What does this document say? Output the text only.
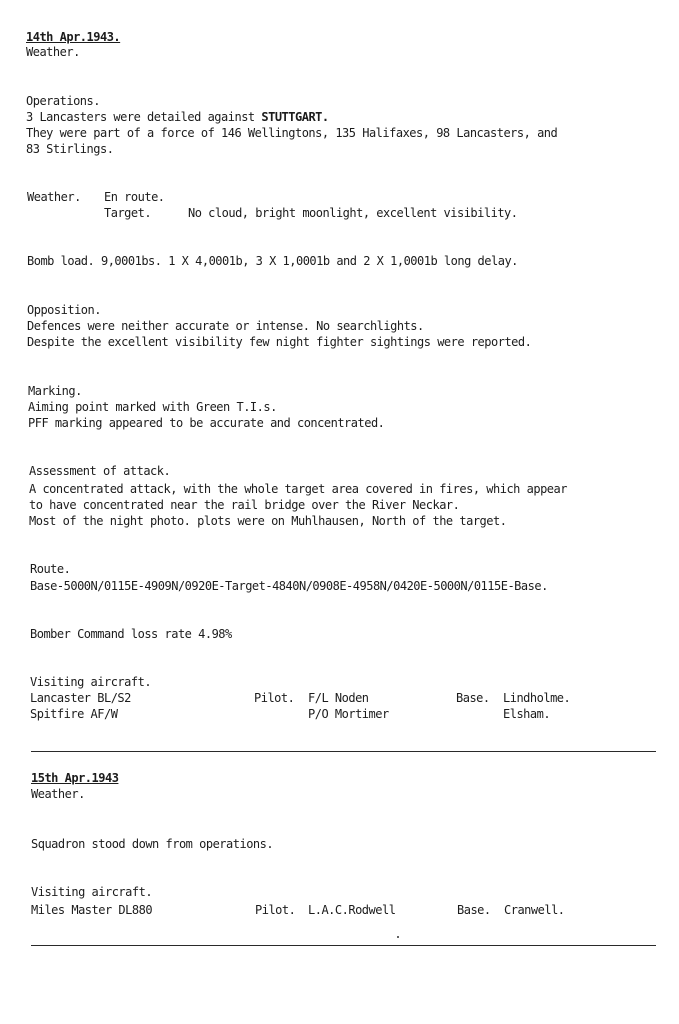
14th Apr.1943.
Weather.
Operations.
3 Lancasters were detailed against STUTTGART.
They were part of a force of 146 Wellingtons, 135 Halifaxes, 98 Lancasters, and
83 Stirlings.
Weather. En route.
Target.	No cloud, bright moonlight, excellent visibility.
Bomb load. 9,0001bs. 1 X 4,0001b, 3 X 1,0001b and 2 X 1,0001b long delay.
Opposition.
Defences were neither accurate or intense. No searchlights.
Despite the excellent visibility few night fighter sightings were reported.
Marking.
Aiming point marked with Green T.I.s.
PFF marking appeared to be accurate and concentrated.
Assessment of attack.
A concentrated attack, with the whole target area covered in fires, which appear
to have concentrated near the rail bridge over the River Neckar.
Most of the night photo. plots were on Muhlhausen, North of the target.
Route.
Base-5000N/0115E-4909N/0920E-Target-4840N/0908E-4958N/0420E-5000N/0115E-Base.
Bomber Command loss rate 4.98%
Visiting aircraft.
Lancaster BL/S2	Pilot. F/L Noden	Base. Lindholme.
Spitfire AF/W	P/O Mortimer	Elsham.
15th Apr.1943
Weather.
Squadron stood down from operations.
Visiting aircraft.
Miles Master DL880	Pilot. L.A.C.Rodwell	Base. Cranwell.
